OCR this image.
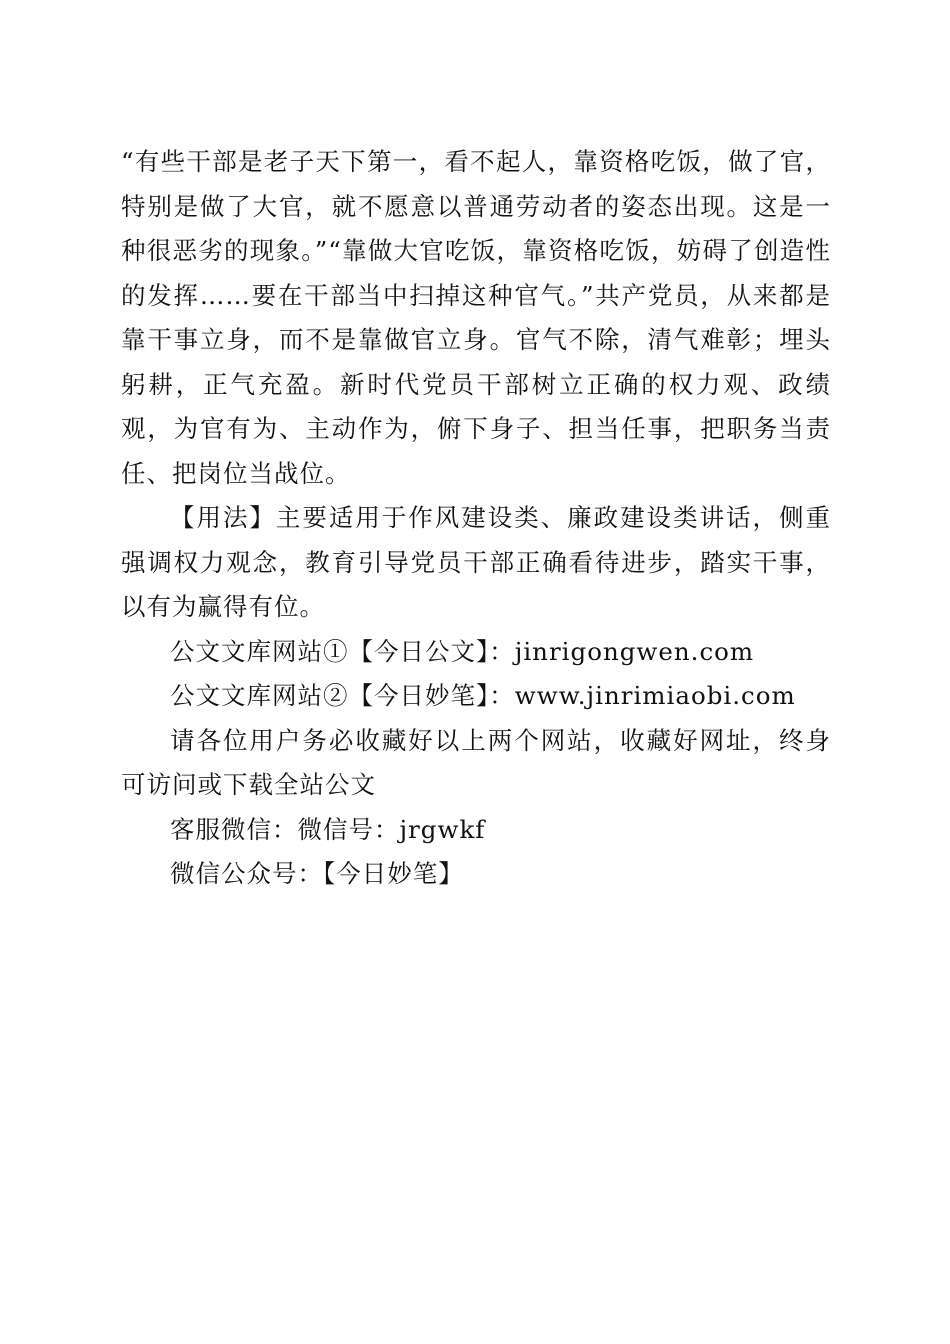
“有些干部是老子天下第一，看不起人，靠资格吃饭，做了官，特别是做了大官，就不愿意以普通劳动者的姿态出现。这是一种很恶劣的现象。”“靠做大官吃饭，靠资格吃饭，妨碍了创造性的发挥……要在干部当中扫掉这种官气。”共产党员，从来都是靠干事立身，而不是靠做官立身。官气不除，清气难彰；埋头躬耕，正气充盈。新时代党员干部树立正确的权力观、政绩观，为官有为、主动作为，俯下身子、担当任事，把职务当责任、把岗位当战位。

【用法】主要适用于作风建设类、廉政建设类讲话，侧重强调权力观念，教育引导党员干部正确看待进步，踏实干事，以有为赢得有位。

公文文库网站①【今日公文】：jinrigongwen.com

公文文库网站②【今日妙笔】：www.jinrimiaobi.com

请各位用户务必收藏好以上两个网站，收藏好网址，终身可访问或下载全站公文

客服微信：微信号：jrgwkf

微信公众号：【今日妙笔】
